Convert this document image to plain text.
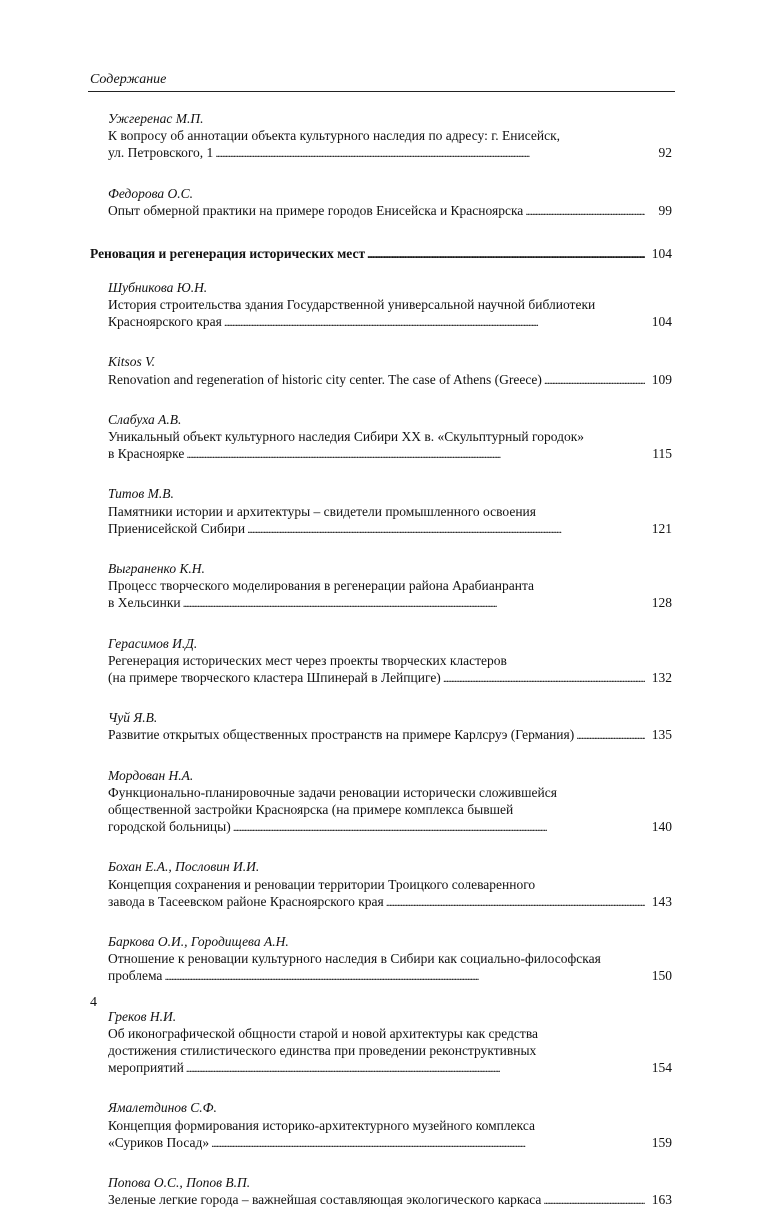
Содержание
Ужгеренас М.П.
К вопросу об аннотации объекта культурного наследия по адресу: г. Енисейск,
ул. Петровского, 1 . . .	92
Федорова О.С.
Опыт обмерной практики на примере городов Енисейска и Красноярска . . .	99
Реновация и регенерация исторических мест . . .	104
Шубникова Ю.Н.
История строительства здания Государственной универсальной научной библиотеки
Красноярского края . . .	104
Kitsos V.
Renovation and regeneration of historic city center. The case of Athens (Greece) . . .	109
Слабуха А.В.
Уникальный объект культурного наследия Сибири XX в. «Скульптурный городок»
в Красноярке . . .	115
Титов М.В.
Памятники истории и архитектуры – свидетели промышленного освоения
Приенисейской Сибири . . .	121
Выграненко К.Н.
Процесс творческого моделирования в регенерации района Арабианранта
в Хельсинки . . .	128
Герасимов И.Д.
Регенерация исторических мест через проекты творческих кластеров
(на примере творческого кластера Шпинерай в Лейпциге) . . .	132
Чуй Я.В.
Развитие открытых общественных пространств на примере Карлсруэ (Германия) . . .	135
Мордован Н.А.
Функционально-планировочные задачи реновации исторически сложившейся
общественной застройки Красноярска (на примере комплекса бывшей
городской больницы) . . .	140
Бохан Е.А., Пословин И.И.
Концепция сохранения и реновации территории Троицкого солеваренного
завода в Тасеевском районе Красноярского края . . .	143
Баркова О.И., Городищева А.Н.
Отношение к реновации культурного наследия в Сибири как социально-философская
проблема . . .	150
Греков Н.И.
Об иконографической общности старой и новой архитектуры как средства
достижения стилистического единства при проведении реконструктивных
мероприятий . . .	154
Ямалетдинов С.Ф.
Концепция формирования историко-архитектурного музейного комплекса
«Суриков Посад» . . .	159
Попова О.С., Попов В.П.
Зеленые легкие города – важнейшая составляющая экологического каркаса . . .	163
4
